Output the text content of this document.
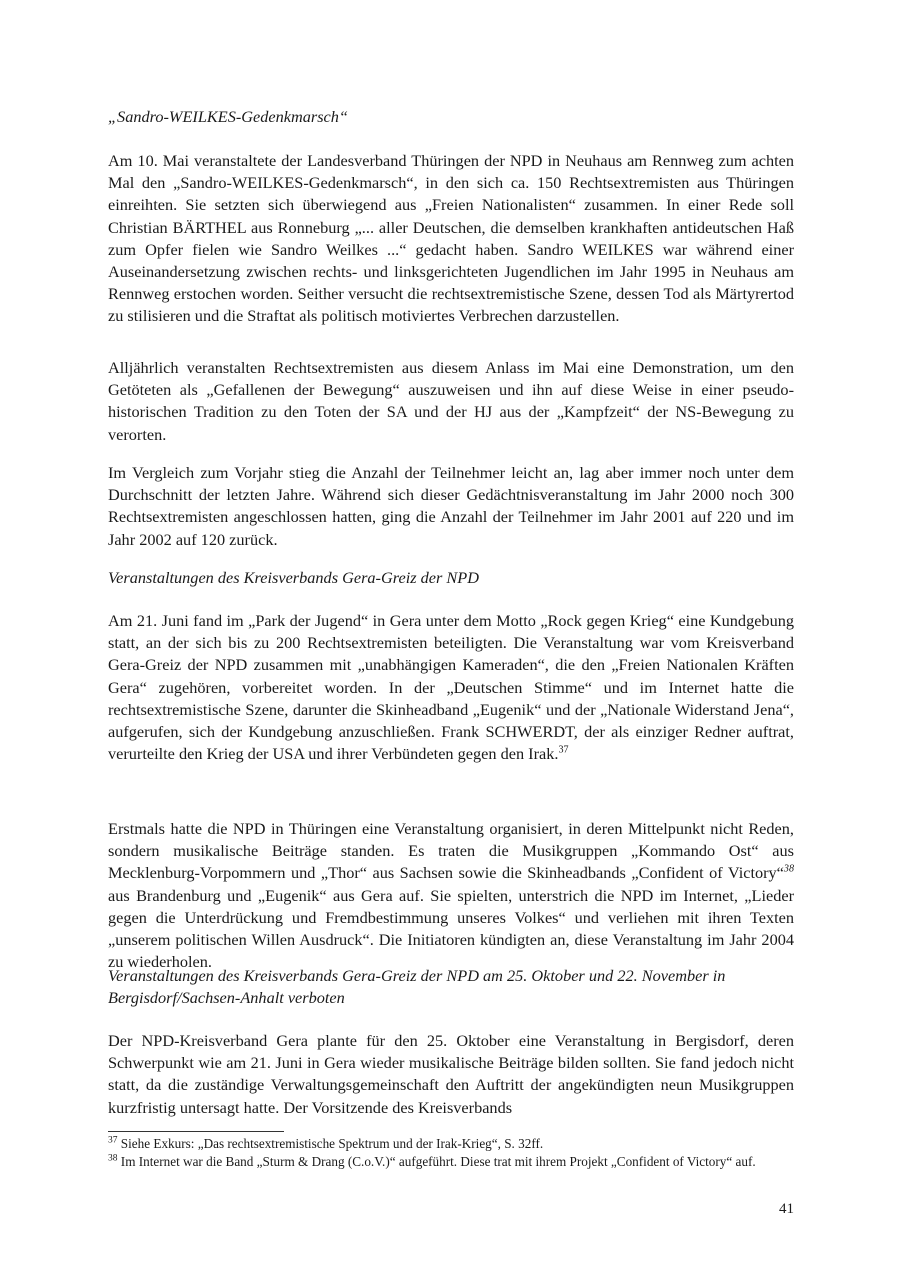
„Sandro-WEILKES-Gedenkmarsch“

Am 10. Mai veranstaltete der Landesverband Thüringen der NPD in Neuhaus am Rennweg zum achten Mal den „Sandro-WEILKES-Gedenkmarsch“, in den sich ca. 150 Rechtsextremisten aus Thüringen einreihten. Sie setzten sich überwiegend aus „Freien Nationalisten“ zusammen. In einer Rede soll Christian BÄRTHEL aus Ronneburg „... aller Deutschen, die demselben krankhaften antideutschen Haß zum Opfer fielen wie Sandro Weilkes ...“ gedacht haben. Sandro WEILKES war während einer Auseinandersetzung zwischen rechts- und linksgerichteten Jugendlichen im Jahr 1995 in Neuhaus am Rennweg erstochen worden. Seither versucht die rechtsextremistische Szene, dessen Tod als Märtyrertod zu stilisieren und die Straftat als politisch motiviertes Verbrechen darzustellen.

Alljährlich veranstalten Rechtsextremisten aus diesem Anlass im Mai eine Demonstration, um den Getöteten als „Gefallenen der Bewegung“ auszuweisen und ihn auf diese Weise in einer pseudo-historischen Tradition zu den Toten der SA und der HJ aus der „Kampfzeit“ der NS-Bewegung zu verorten.

Im Vergleich zum Vorjahr stieg die Anzahl der Teilnehmer leicht an, lag aber immer noch unter dem Durchschnitt der letzten Jahre. Während sich dieser Gedächtnisveranstaltung im Jahr 2000 noch 300 Rechtsextremisten angeschlossen hatten, ging die Anzahl der Teilnehmer im Jahr 2001 auf 220 und im Jahr 2002 auf 120 zurück.

Veranstaltungen des Kreisverbands Gera-Greiz der NPD

Am 21. Juni fand im „Park der Jugend“ in Gera unter dem Motto „Rock gegen Krieg“ eine Kundgebung statt, an der sich bis zu 200 Rechtsextremisten beteiligten. Die Veranstaltung war vom Kreisverband Gera-Greiz der NPD zusammen mit „unabhängigen Kameraden“, die den „Freien Nationalen Kräften Gera“ zugehören, vorbereitet worden. In der „Deutschen Stimme“ und im Internet hatte die rechtsextremistische Szene, darunter die Skinheadband „Eugenik“ und der „Nationale Widerstand Jena“, aufgerufen, sich der Kundgebung anzuschließen. Frank SCHWERDT, der als einziger Redner auftrat, verurteilte den Krieg der USA und ihrer Verbündeten gegen den Irak.$^{37}$

Erstmals hatte die NPD in Thüringen eine Veranstaltung organisiert, in deren Mittelpunkt nicht Reden, sondern musikalische Beiträge standen. Es traten die Musikgruppen „Kommando Ost“ aus Mecklenburg-Vorpommern und „Thor“ aus Sachsen sowie die Skinheadbands „Confident of Victory“$^{38}$ aus Brandenburg und „Eugenik“ aus Gera auf. Sie spielten, unterstrich die NPD im Internet, „Lieder gegen die Unterdrückung und Fremdbestimmung unseres Volkes“ und verliehen mit ihren Texten „unserem politischen Willen Ausdruck“. Die Initiatoren kündigten an, diese Veranstaltung im Jahr 2004 zu wiederholen.

Veranstaltungen des Kreisverbands Gera-Greiz der NPD am 25. Oktober und 22. November in Bergisdorf/Sachsen-Anhalt verboten

Der NPD-Kreisverband Gera plante für den 25. Oktober eine Veranstaltung in Bergisdorf, deren Schwerpunkt wie am 21. Juni in Gera wieder musikalische Beiträge bilden sollten. Sie fand jedoch nicht statt, da die zuständige Verwaltungsgemeinschaft den Auftritt der angekündigten neun Musikgruppen kurzfristig untersagt hatte. Der Vorsitzende des Kreisverbands

$^{37}$ Siehe Exkurs: „Das rechtsextremistische Spektrum und der Irak-Krieg“, S. 32ff.

$^{38}$ Im Internet war die Band „Sturm & Drang (C.o.V.)“ aufgeführt. Diese trat mit ihrem Projekt „Confident of Victory“ auf.

41
